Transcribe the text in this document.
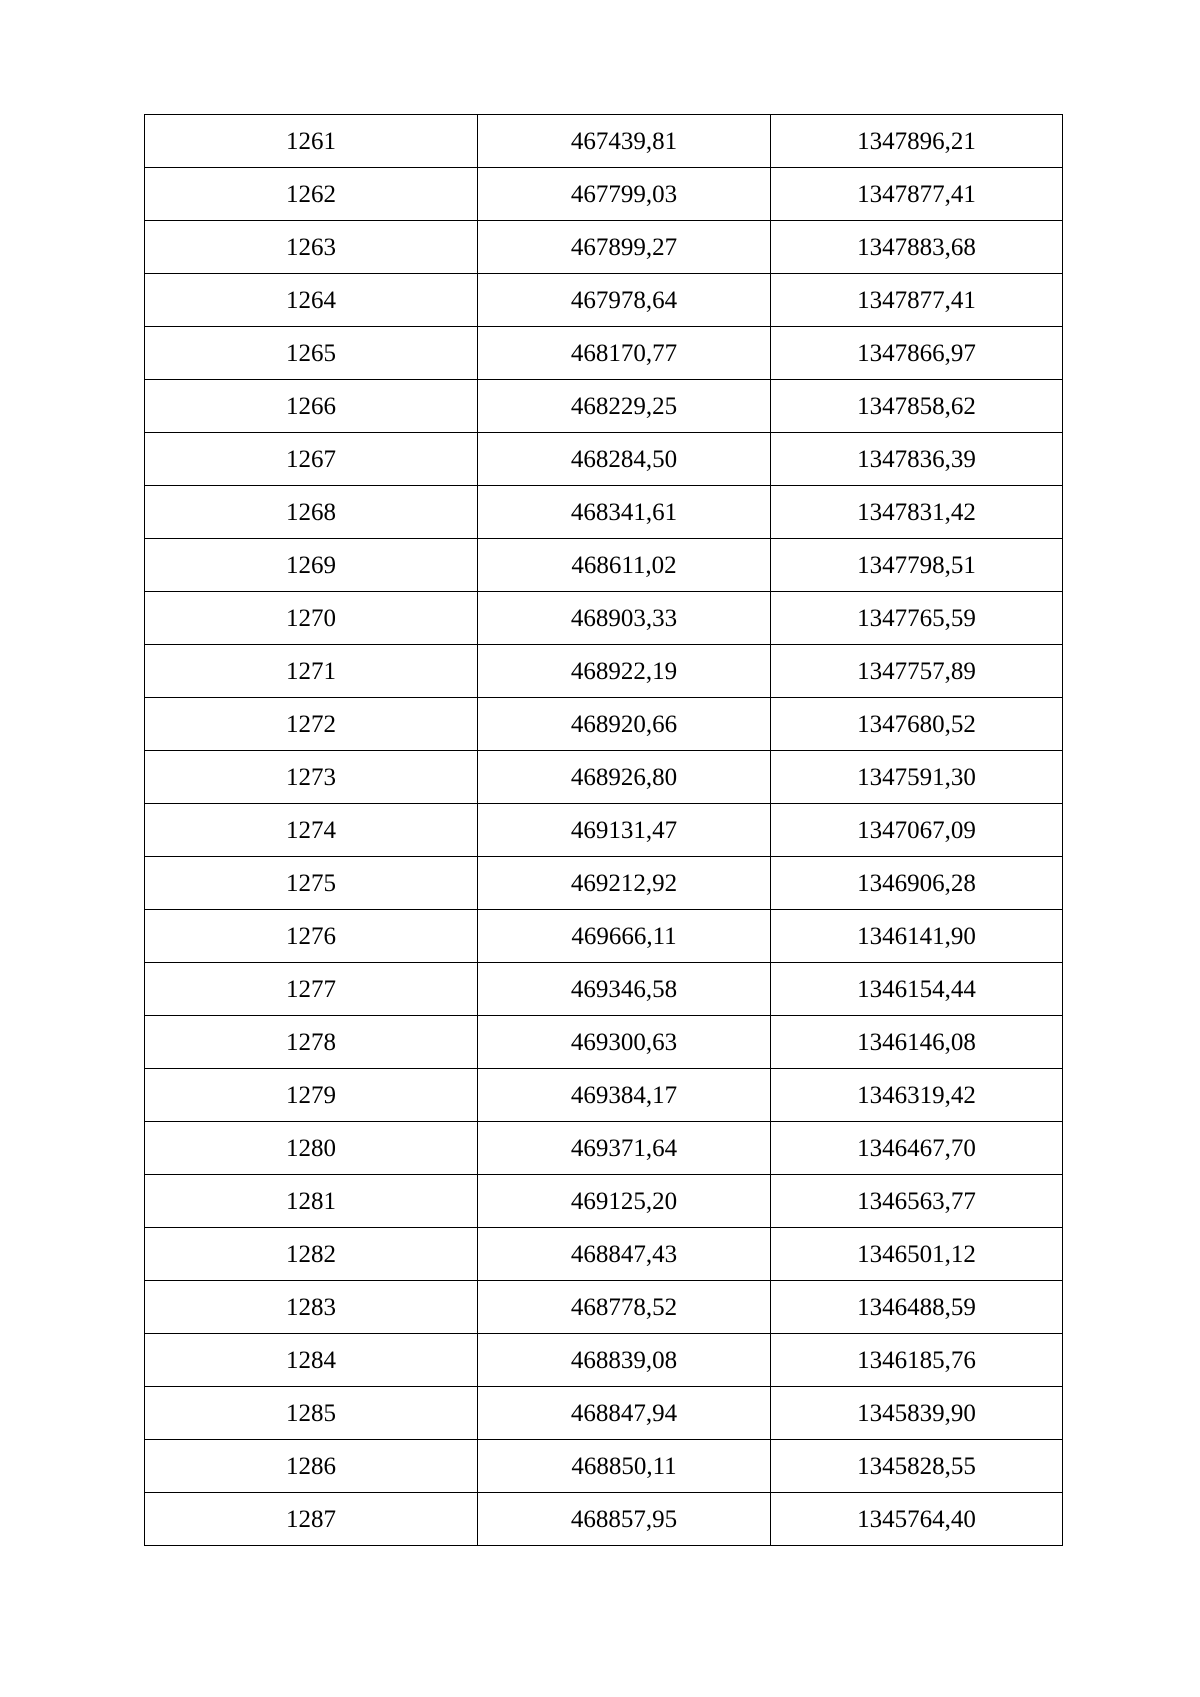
1261	467439,81	1347896,21
1262	467799,03	1347877,41
1263	467899,27	1347883,68
1264	467978,64	1347877,41
1265	468170,77	1347866,97
1266	468229,25	1347858,62
1267	468284,50	1347836,39
1268	468341,61	1347831,42
1269	468611,02	1347798,51
1270	468903,33	1347765,59
1271	468922,19	1347757,89
1272	468920,66	1347680,52
1273	468926,80	1347591,30
1274	469131,47	1347067,09
1275	469212,92	1346906,28
1276	469666,11	1346141,90
1277	469346,58	1346154,44
1278	469300,63	1346146,08
1279	469384,17	1346319,42
1280	469371,64	1346467,70
1281	469125,20	1346563,77
1282	468847,43	1346501,12
1283	468778,52	1346488,59
1284	468839,08	1346185,76
1285	468847,94	1345839,90
1286	468850,11	1345828,55
1287	468857,95	1345764,40
